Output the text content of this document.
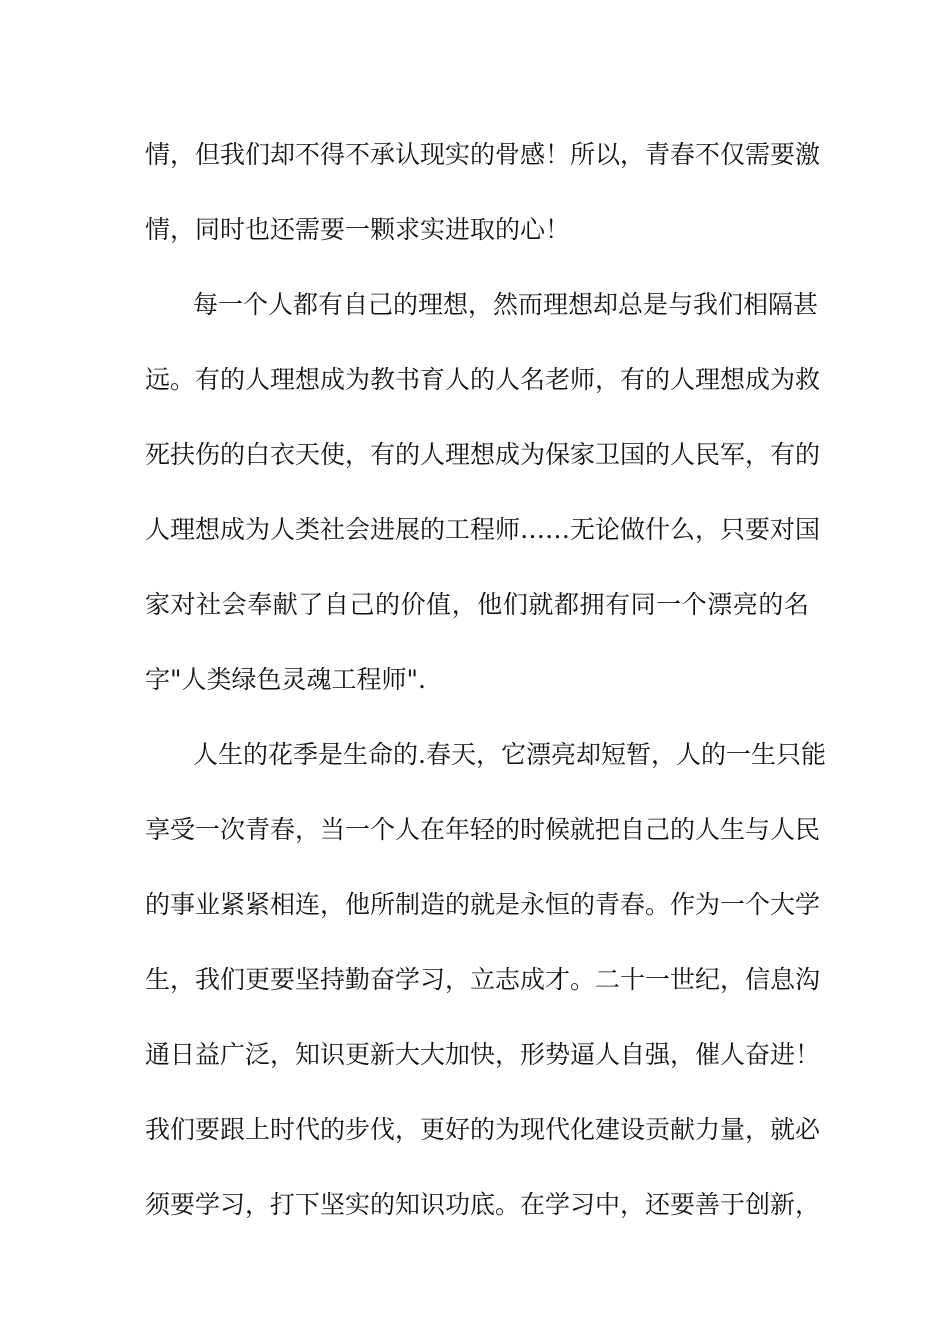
情，但我们却不得不承认现实的骨感！所以，青春不仅需要激
情，同时也还需要一颗求实进取的心！
每一个人都有自己的理想，然而理想却总是与我们相隔甚
远。有的人理想成为教书育人的人名老师，有的人理想成为救
死扶伤的白衣天使，有的人理想成为保家卫国的人民军，有的
人理想成为人类社会进展的工程师……无论做什么，只要对国
家对社会奉献了自己的价值，他们就都拥有同一个漂亮的名
字"人类绿色灵魂工程师".
人生的花季是生命的.春天，它漂亮却短暂，人的一生只能
享受一次青春，当一个人在年轻的时候就把自己的人生与人民
的事业紧紧相连，他所制造的就是永恒的青春。作为一个大学
生，我们更要坚持勤奋学习，立志成才。二十一世纪，信息沟
通日益广泛，知识更新大大加快，形势逼人自强，催人奋进！
我们要跟上时代的步伐，更好的为现代化建设贡献力量，就必
须要学习，打下坚实的知识功底。在学习中，还要善于创新，
